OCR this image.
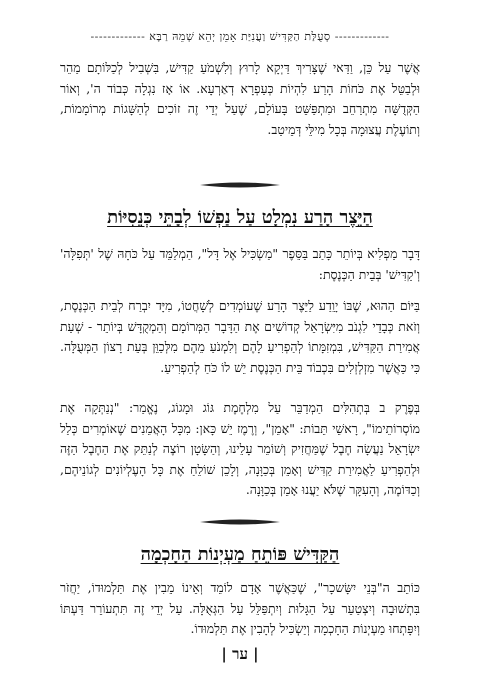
------------- סְעֻלַּת הַקַּדִּישׁ וַעֲנִיַּת אָמֵן יְהֵא שְׁמֵהּ רַבָּא -------------
אֲשֶׁר עַל כֵּן, וַדַּאי שֶׁצָּרִיךְ דַּיְקָא לָרוּץ וְלִשְׁמֹעַ קַדִּישׁ, בִּשְׁבִיל לְכַלּוֹתָם מַהֵר וּלְבַטֵּל אֶת כֹּחוֹת הָרַע לִהְיוֹת כְּעַפְרָא דְאַרְעָא. אוֹ אָז נִגְלָה כְּבוֹד ה', וְאוֹר הַקְּדֻשָּׁה מִתְרַחֵב וּמִתְפַּשֵּׁט בָּעוֹלָם, שֶׁעַל יְדֵי זֶה זוֹכִים לְהַשָּׁגוֹת מְרוֹמָמוֹת, וְתוֹעֶלֶת עֲצוּמָה בְּכָל מִילֵּי דְּמֵיטַב.
הַיֵּצֶר הָרַע נִמְלָט עַל נַפְשׁוֹ לְבָתֵּי כְּנֵסִיּוֹת
דָּבָר מַפְלִיא בְּיוֹתֵר כָּתַב בַּסֵּפֶר "מַשְׂכִּיל אֶל דָּל", הַמְלַמֵּד עַל כֹּחָהּ שֶׁל 'תְּפִלָּה' וְ'קַדִּישׁ' בְּבֵית הַכְּנֶסֶת:
בַּיּוֹם הַהוּא, שֶׁבּוֹ יָוֵדַע לַיֵּצֶר הָרַע שֶׁעוֹמְדִים לְשָׁחֲטוֹ, מִיָּד יִבְרַח לְבֵית הַכְּנֶסֶת, וְזֹאת כְּבָדֵי לִגְנֹב מִיִּשְׂרָאֵל קְדוֹשִׁים אֶת הַדָּבָר הַמְּרוֹמָם וְהַמְקֻדָּשׁ בְּיוֹתֵר - שְׁעַת אֲמִירַת הַקַּדִּישׁ, בִּמְזִמָּתוֹ לְהַפְרִיעַ לָהֶם וְלִמְנֹעַ מֵהֶם מִלְּכַוֵּן בְּעֵת רָצוֹן הַמְּעֻלָּה. כִּי כַּאֲשֶׁר מִזְלְזְלִים בִּכְבוֹד בֵּית הַכְּנֶסֶת יֵשׁ לוֹ כֹּחַ לְהַפְרִיעַ.
בְּפֶרֶק ב בְּתְהִלִּים הַמְדַבֵּר עַל מִלְחֶמֶת גּוֹג וּמָגוֹג, נֶאֱמַר: "נְנַתְּקָה אֶת מוֹסְרוֹתֵימוֹ", רָאשֵׁי תֵּבוֹת: "אָמֵן", וְרֶמֶז יֵשׁ כָּאן: מִכָּל הָאֲמֵנִים שֶׁאוֹמְרִים כְּלַל יִשְׂרָאֵל נַעֲשָׂה חֶבֶל שֶׁמַּחֲזִיק וְשׁוֹמֵר עָלֵינוּ, וְהַשָּׂטָן רוֹצֶה לְנַתֵּק אֶת הַחֶבֶל הַזֶּה וּלְהַפְרִיעַ לַאֲמִירַת קַדִּישׁ וְאָמֵן בְּכַוָּנָה, וְלָכֵן שׁוֹלֵחַ אֶת כָּל הָעֶלְיוֹנִים לְגוֹנֵיהֶם, וְכַדּוֹמֶה, וְהָעִקָּר שֶׁלֹּא יַעֲנוּ אָמֵן בְּכַוָּנָה.
הַקַּדִּישׁ פּוֹתֵחַ מַעְיְנוֹת הַחָכְמָה
כּוֹתֵב ה"בְּנֵי יִשָּׂשכָר", שֶׁכַּאֲשֶׁר אָדָם לוֹמֵד וְאֵינוֹ מֵבִין אֶת תַּלְמוּדוֹ, יַחֲזֹר בִּתְשׁוּבָה וְיִצְטַעֵר עַל הַגָּלוּת וְיִתְפַּלֵּל עַל הַגְּאֻלָּה. עַל יְדֵי זֶה תִּתְעוֹרֵר דַּעְתּוֹ וְיִפָּתְחוּ מַעְיְנוֹת הַחָכְמָה וְיַשְׂכִּיל לְהָבִין אֶת תַּלְמוּדוֹ.
| ער |
